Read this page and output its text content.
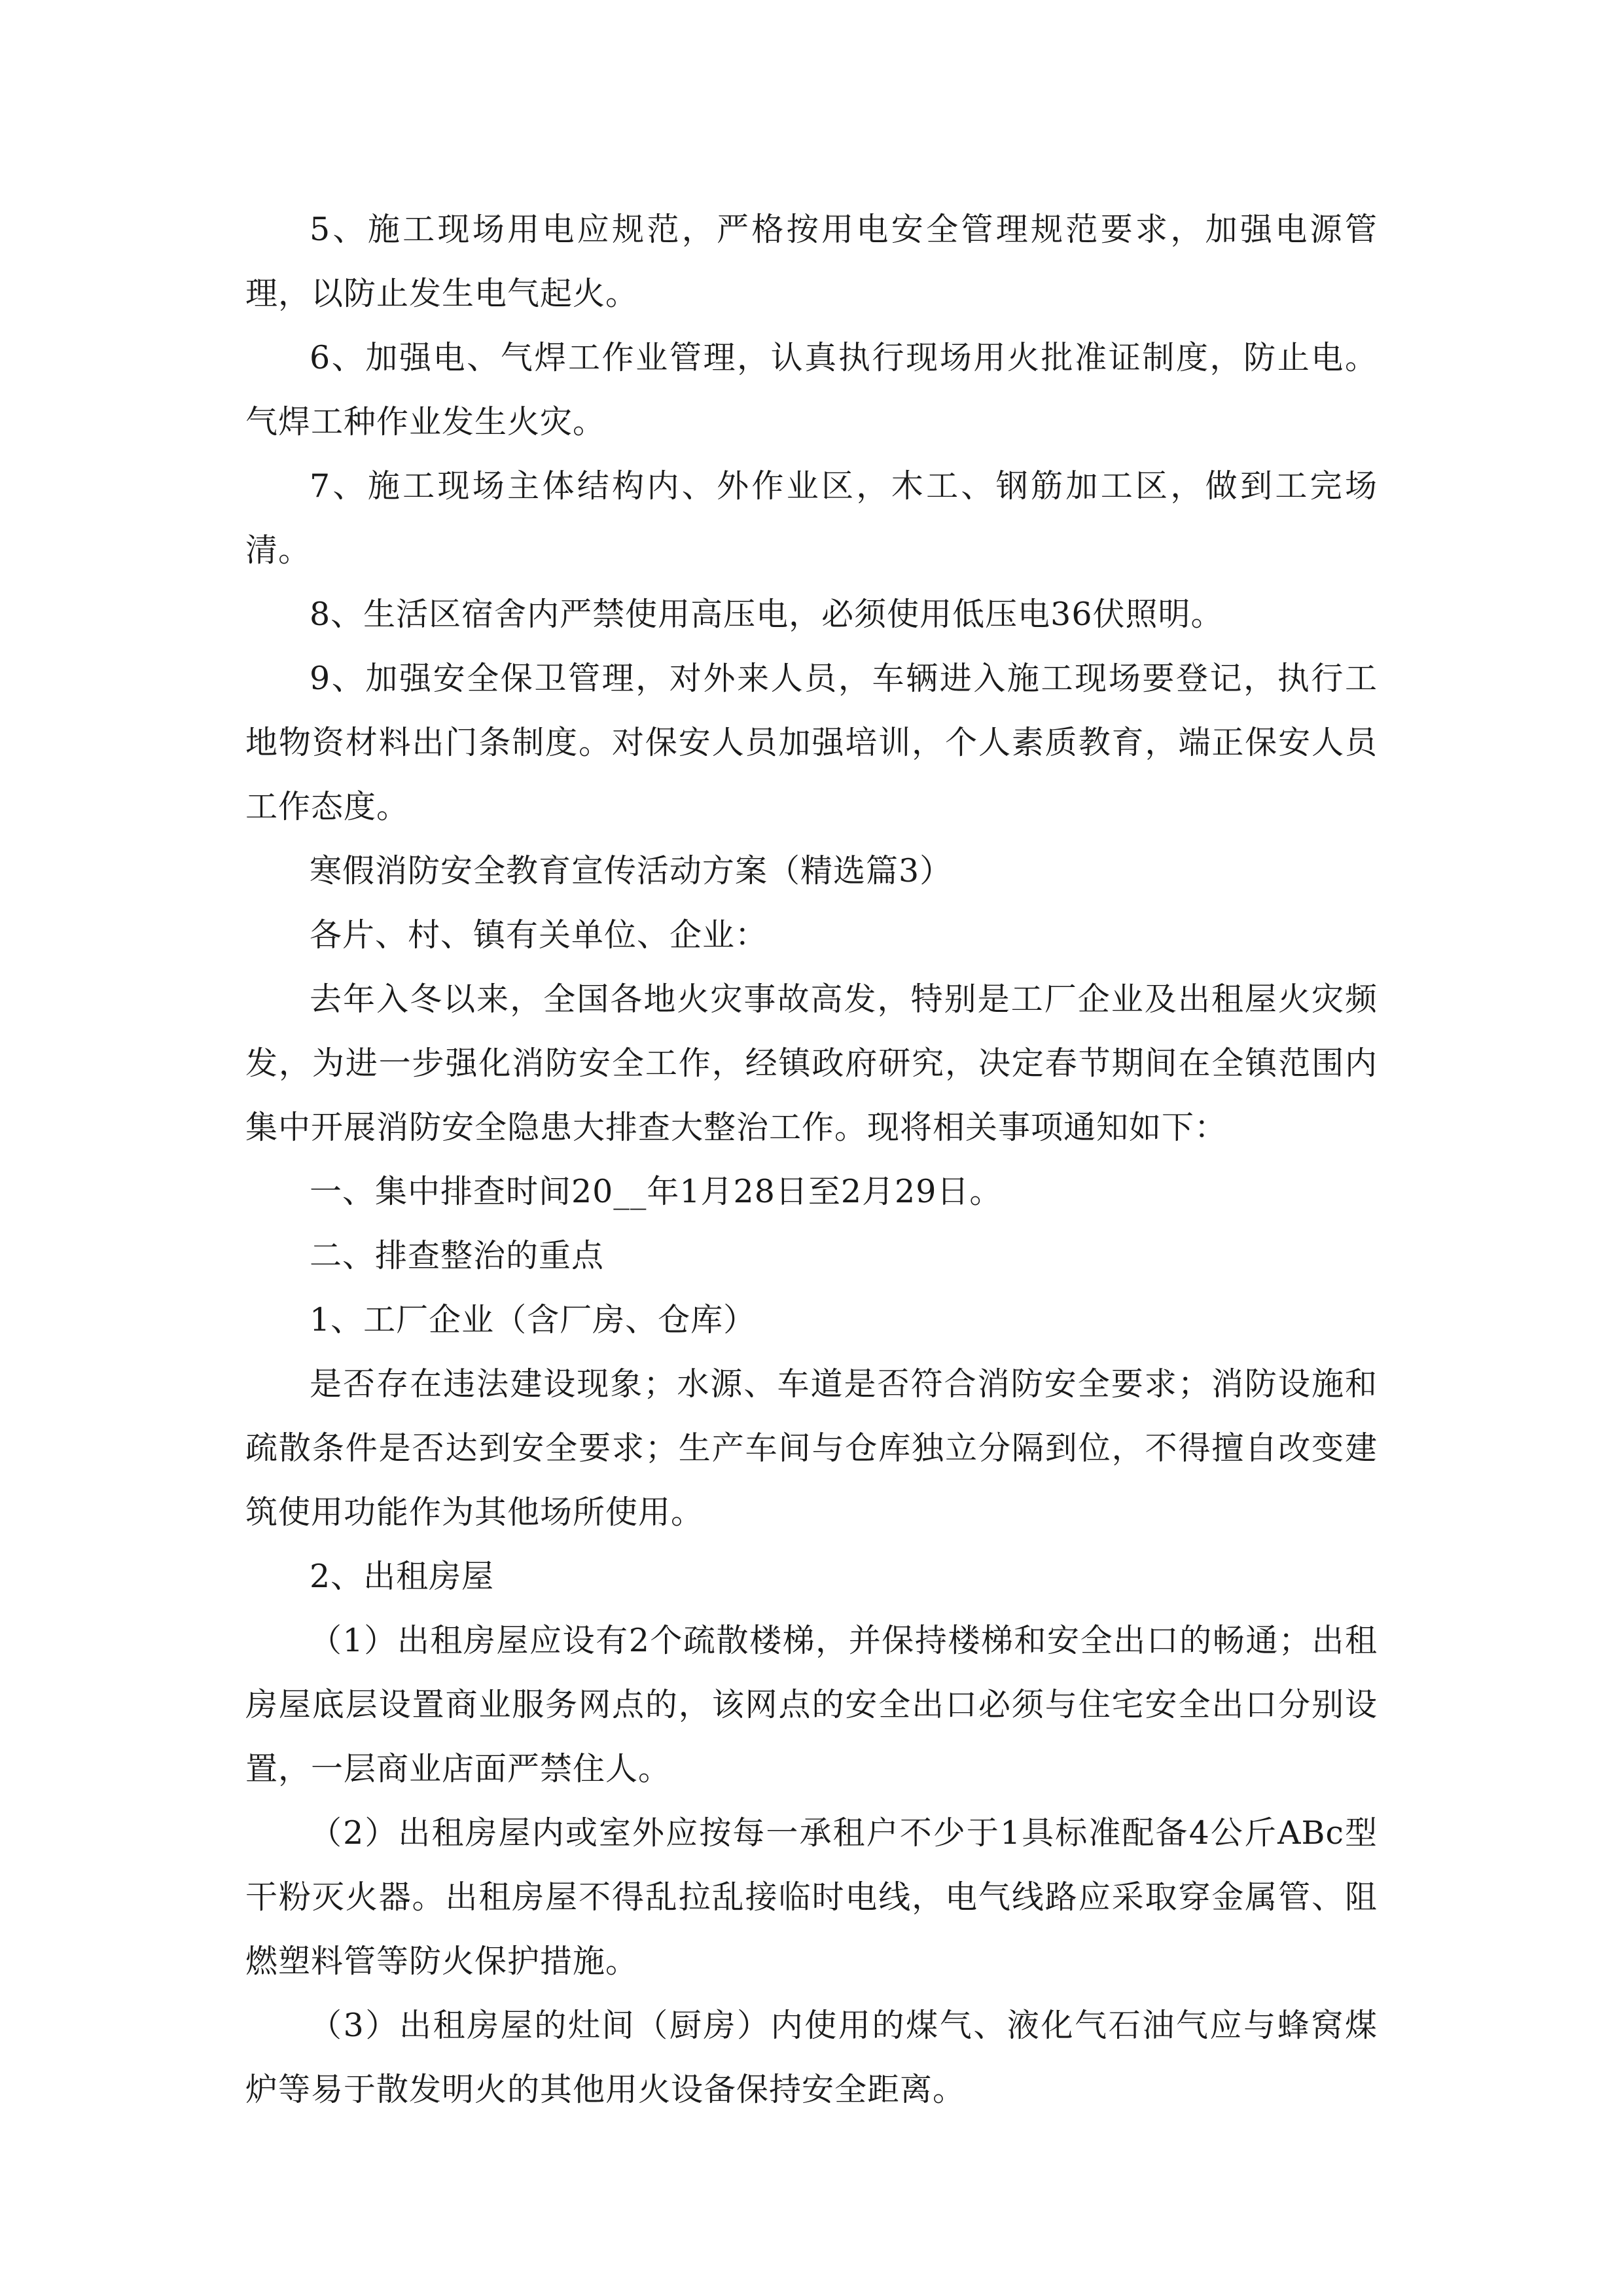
5、施工现场用电应规范，严格按用电安全管理规范要求，加强电源管理，以防止发生电气起火。

6、加强电、气焊工作业管理，认真执行现场用火批准证制度，防止电。气焊工种作业发生火灾。

7、施工现场主体结构内、外作业区，木工、钢筋加工区，做到工完场清。

8、生活区宿舍内严禁使用高压电，必须使用低压电36伏照明。

9、加强安全保卫管理，对外来人员，车辆进入施工现场要登记，执行工地物资材料出门条制度。对保安人员加强培训，个人素质教育，端正保安人员工作态度。

寒假消防安全教育宣传活动方案（精选篇3）

各片、村、镇有关单位、企业：

去年入冬以来，全国各地火灾事故高发，特别是工厂企业及出租屋火灾频发，为进一步强化消防安全工作，经镇政府研究，决定春节期间在全镇范围内集中开展消防安全隐患大排查大整治工作。现将相关事项通知如下：

一、集中排查时间20__年1月28日至2月29日。

二、排查整治的重点

1、工厂企业（含厂房、仓库）

是否存在违法建设现象；水源、车道是否符合消防安全要求；消防设施和疏散条件是否达到安全要求；生产车间与仓库独立分隔到位，不得擅自改变建筑使用功能作为其他场所使用。

2、出租房屋

（1）出租房屋应设有2个疏散楼梯，并保持楼梯和安全出口的畅通；出租房屋底层设置商业服务网点的，该网点的安全出口必须与住宅安全出口分别设置，一层商业店面严禁住人。

（2）出租房屋内或室外应按每一承租户不少于1具标准配备4公斤ABc型干粉灭火器。出租房屋不得乱拉乱接临时电线，电气线路应采取穿金属管、阻燃塑料管等防火保护措施。

（3）出租房屋的灶间（厨房）内使用的煤气、液化气石油气应与蜂窝煤炉等易于散发明火的其他用火设备保持安全距离。
